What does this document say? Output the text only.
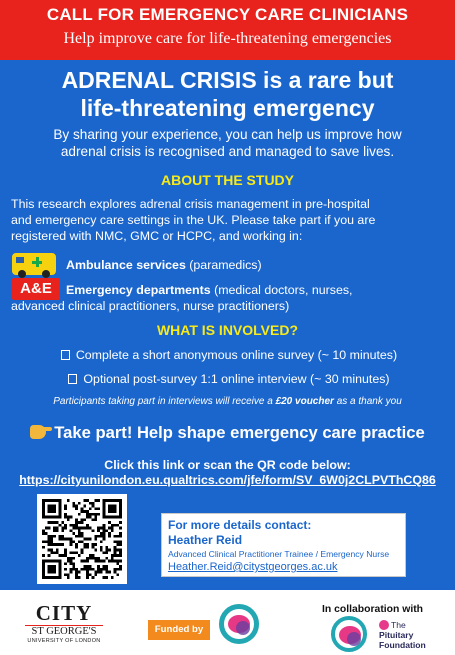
CALL FOR EMERGENCY CARE CLINICIANS
Help improve care for life-threatening emergencies
ADRENAL CRISIS is a rare but
life-threatening emergency
By sharing your experience, you can help us improve how
adrenal crisis is recognised and managed to save lives.
ABOUT THE STUDY
This research explores adrenal crisis management in pre-hospital
and emergency care settings in the UK. Please take part if you are
registered with NMC, GMC or HCPC, and working in:
Ambulance services (paramedics)
A&E	Emergency departments (medical doctors, nurses,
advanced clinical practitioners, nurse practitioners)
WHAT IS INVOLVED?
Complete a short anonymous online survey (~ 10 minutes)
Optional post-survey 1:1 online interview (~ 30 minutes)
Participants taking part in interviews will receive a £20 voucher as a thank you
Take part! Help shape emergency care practice
Click this link or scan the QR code below:
https://cityunilondon.eu.qualtrics.com/jfe/form/SV_6W0j2CLPVThCQ86
For more details contact:
Heather Reid
Advanced Clinical Practitioner Trainee / Emergency Nurse
Heather.Reid@citystgeorges.ac.uk
CITY
ST GEORGE'S
UNIVERSITY OF LONDON
Funded by
In collaboration with
The
Pituitary
Foundation
